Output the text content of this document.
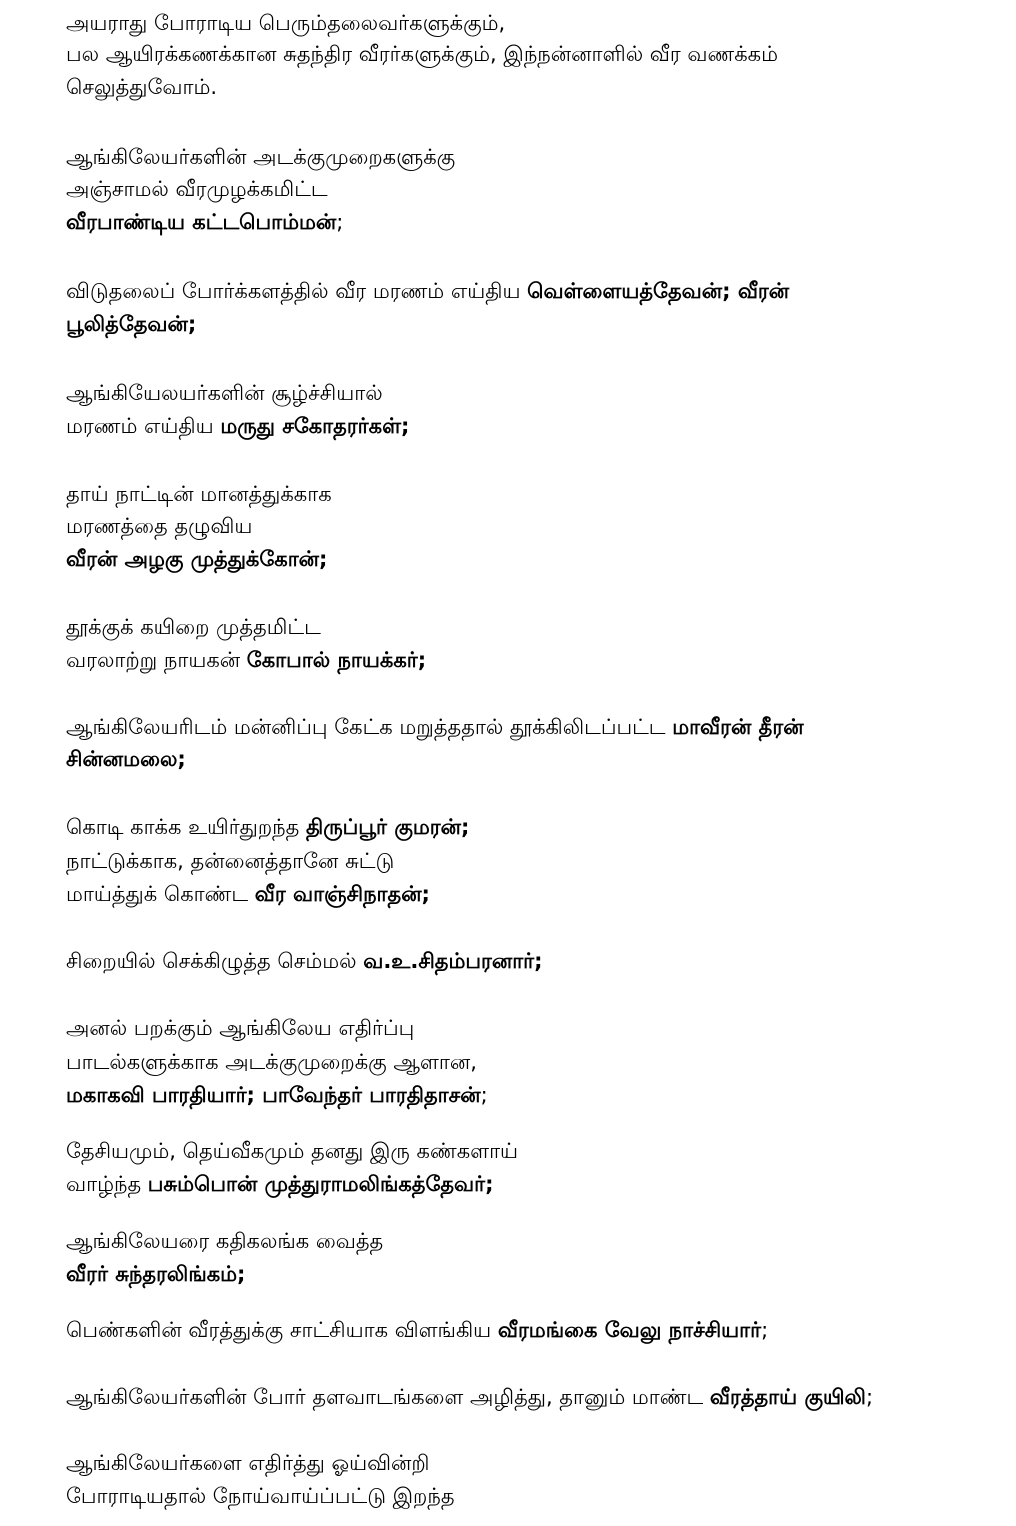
அயராது போராடிய பெரும்தலைவர்களுக்கும்,
பல ஆயிரக்கணக்கான சுதந்திர வீரர்களுக்கும், இந்நன்னாளில் வீர வணக்கம்
செலுத்துவோம்.
ஆங்கிலேயர்களின் அடக்குமுறைகளுக்கு
அஞ்சாமல் வீரமுழக்கமிட்ட
வீரபாண்டிய கட்டபொம்மன்;
விடுதலைப் போர்க்களத்தில் வீர மரணம் எய்திய வெள்ளையத்தேவன்; வீரன்
பூலித்தேவன்;
ஆங்கியேலயர்களின் சூழ்ச்சியால்
மரணம் எய்திய மருது சகோதரர்கள்;
தாய் நாட்டின் மானத்துக்காக
மரணத்தை தழுவிய
வீரன் அழகு முத்துக்கோன்;
தூக்குக் கயிறை முத்தமிட்ட
வரலாற்று நாயகன் கோபால் நாயக்கர்;
ஆங்கிலேயரிடம் மன்னிப்பு கேட்க மறுத்ததால் தூக்கிலிடப்பட்ட மாவீரன் தீரன்
சின்னமலை;
கொடி காக்க உயிர்துறந்த திருப்பூர் குமரன்;
நாட்டுக்காக, தன்னைத்தானே சுட்டு
மாய்த்துக் கொண்ட வீர வாஞ்சிநாதன்;
சிறையில் செக்கிழுத்த செம்மல் வ.உ.சிதம்பரனார்;
அனல் பறக்கும் ஆங்கிலேய எதிர்ப்பு
பாடல்களுக்காக அடக்குமுறைக்கு ஆளான,
மகாகவி பாரதியார்; பாவேந்தர் பாரதிதாசன்;
தேசியமும், தெய்வீகமும் தனது இரு கண்களாய்
வாழ்ந்த பசும்பொன் முத்துராமலிங்கத்தேவர்;
ஆங்கிலேயரை கதிகலங்க வைத்த
வீரர் சுந்தரலிங்கம்;
பெண்களின் வீரத்துக்கு சாட்சியாக விளங்கிய வீரமங்கை வேலு நாச்சியார்;
ஆங்கிலேயர்களின் போர் தளவாடங்களை அழித்து, தானும் மாண்ட வீரத்தாய் குயிலி;
ஆங்கிலேயர்களை எதிர்த்து ஓய்வின்றி
போராடியதால் நோய்வாய்ப்பட்டு இறந்த
